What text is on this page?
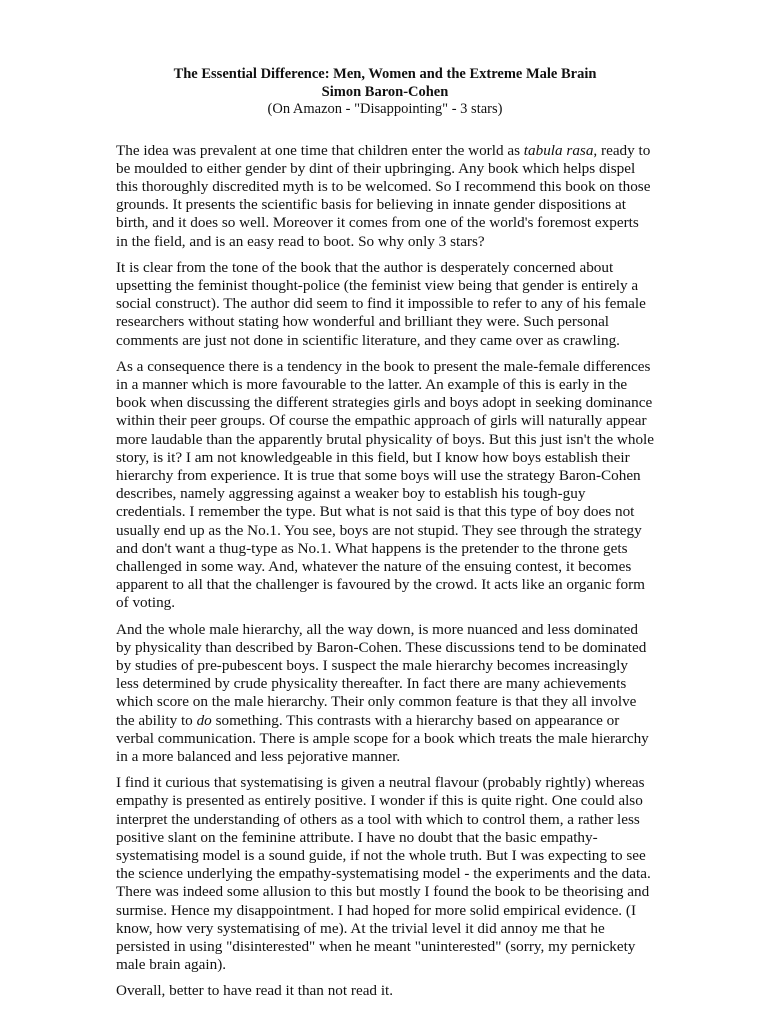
The Essential Difference: Men, Women and the Extreme Male Brain
Simon Baron-Cohen
(On Amazon - "Disappointing" - 3 stars)

The idea was prevalent at one time that children enter the world as tabula rasa, ready to be moulded to either gender by dint of their upbringing. Any book which helps dispel this thoroughly discredited myth is to be welcomed. So I recommend this book on those grounds. It presents the scientific basis for believing in innate gender dispositions at birth, and it does so well. Moreover it comes from one of the world's foremost experts in the field, and is an easy read to boot. So why only 3 stars?

It is clear from the tone of the book that the author is desperately concerned about upsetting the feminist thought-police (the feminist view being that gender is entirely a social construct). The author did seem to find it impossible to refer to any of his female researchers without stating how wonderful and brilliant they were. Such personal comments are just not done in scientific literature, and they came over as crawling.

As a consequence there is a tendency in the book to present the male-female differences in a manner which is more favourable to the latter. An example of this is early in the book when discussing the different strategies girls and boys adopt in seeking dominance within their peer groups. Of course the empathic approach of girls will naturally appear more laudable than the apparently brutal physicality of boys. But this just isn't the whole story, is it? I am not knowledgeable in this field, but I know how boys establish their hierarchy from experience. It is true that some boys will use the strategy Baron-Cohen describes, namely aggressing against a weaker boy to establish his tough-guy credentials. I remember the type. But what is not said is that this type of boy does not usually end up as the No.1. You see, boys are not stupid. They see through the strategy and don't want a thug-type as No.1. What happens is the pretender to the throne gets challenged in some way. And, whatever the nature of the ensuing contest, it becomes apparent to all that the challenger is favoured by the crowd. It acts like an organic form of voting.

And the whole male hierarchy, all the way down, is more nuanced and less dominated by physicality than described by Baron-Cohen. These discussions tend to be dominated by studies of pre-pubescent boys. I suspect the male hierarchy becomes increasingly less determined by crude physicality thereafter. In fact there are many achievements which score on the male hierarchy. Their only common feature is that they all involve the ability to do something. This contrasts with a hierarchy based on appearance or verbal communication. There is ample scope for a book which treats the male hierarchy in a more balanced and less pejorative manner.

I find it curious that systematising is given a neutral flavour (probably rightly) whereas empathy is presented as entirely positive. I wonder if this is quite right. One could also interpret the understanding of others as a tool with which to control them, a rather less positive slant on the feminine attribute. I have no doubt that the basic empathy-systematising model is a sound guide, if not the whole truth. But I was expecting to see the science underlying the empathy-systematising model - the experiments and the data. There was indeed some allusion to this but mostly I found the book to be theorising and surmise. Hence my disappointment. I had hoped for more solid empirical evidence. (I know, how very systematising of me). At the trivial level it did annoy me that he persisted in using "disinterested" when he meant "uninterested" (sorry, my pernickety male brain again).

Overall, better to have read it than not read it.
